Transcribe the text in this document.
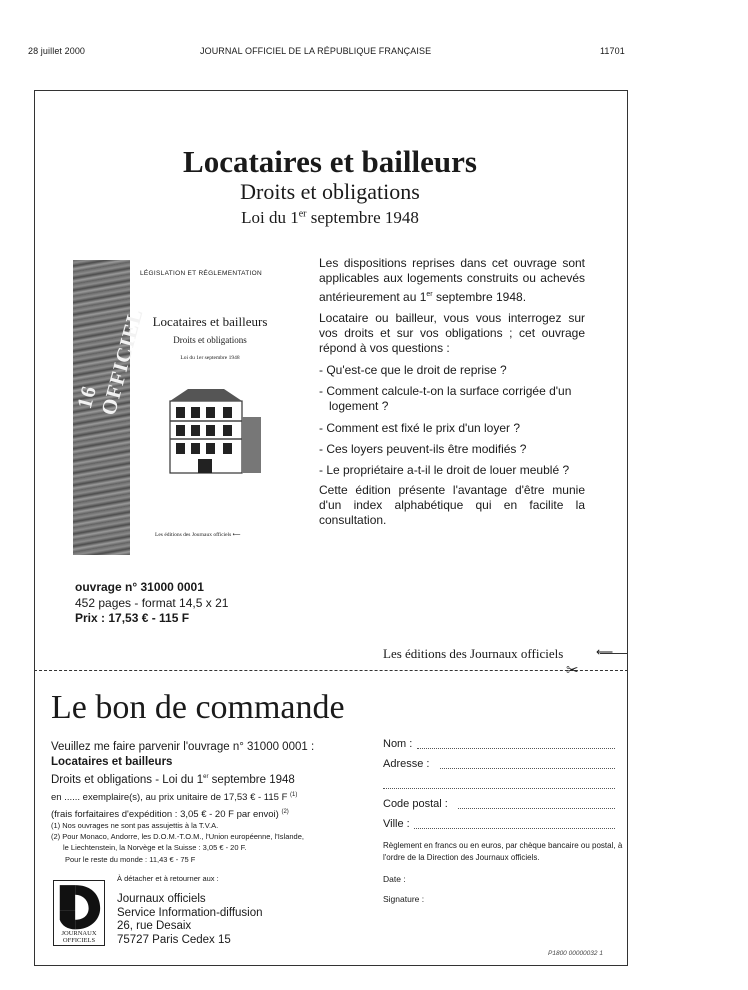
28 juillet 2000	JOURNAL OFFICIEL DE LA RÉPUBLIQUE FRANÇAISE	11701
Locataires et bailleurs
Droits et obligations
Loi du 1er septembre 1948
16 OFFICIEL
LÉGISLATION ET RÉGLEMENTATION
Locataires et bailleurs
Droits et obligations
Loi du 1er septembre 1948
Les éditions des Journaux officiels ⟵

Les dispositions reprises dans cet ouvrage sont applicables aux logements construits ou achevés antérieurement au 1er septembre 1948.

Locataire ou bailleur, vous vous interrogez sur vos droits et sur vos obligations ; cet ouvrage répond à vos questions :

- Qu'est-ce que le droit de reprise ?
- Comment calcule-t-on la surface corrigée d'un logement ?
- Comment est fixé le prix d'un loyer ?
- Ces loyers peuvent-ils être modifiés ?
- Le propriétaire a-t-il le droit de louer meublé ?

Cette édition présente l'avantage d'être munie d'un index alphabétique qui en facilite la consultation.

ouvrage n° 31000 0001
452 pages - format 14,5 x 21
Prix : 17,53 € - 115 F
Les éditions des Journaux officiels	⟵
✂
Le bon de commande
Veuillez me faire parvenir l'ouvrage n° 31000 0001 :
Locataires et bailleurs
Droits et obligations - Loi du 1er septembre 1948
en ...... exemplaire(s), au prix unitaire de 17,53 € - 115 F $^{(1)}$
(frais forfaitaires d'expédition : 3,05 € - 20 F par envoi) $^{(2)}$
(1) Nos ouvrages ne sont pas assujettis à la T.V.A.
(2) Pour Monaco, Andorre, les D.O.M.-T.O.M., l'Union européenne, l'Islande,
le Liechtenstein, la Norvège et la Suisse : 3,05 € - 20 F.
Pour le reste du monde : 11,43 € - 75 F
JOURNAUX
OFFICIELS
À détacher et à retourner aux :
Journaux officiels
Service Information-diffusion
26, rue Desaix
75727 Paris Cedex 15
Nom :
Adresse :
Code postal :
Ville :
Règlement en francs ou en euros, par chèque bancaire ou postal, à l'ordre de la Direction des Journaux officiels.
Date :
Signature :
P1800 00000032 1
